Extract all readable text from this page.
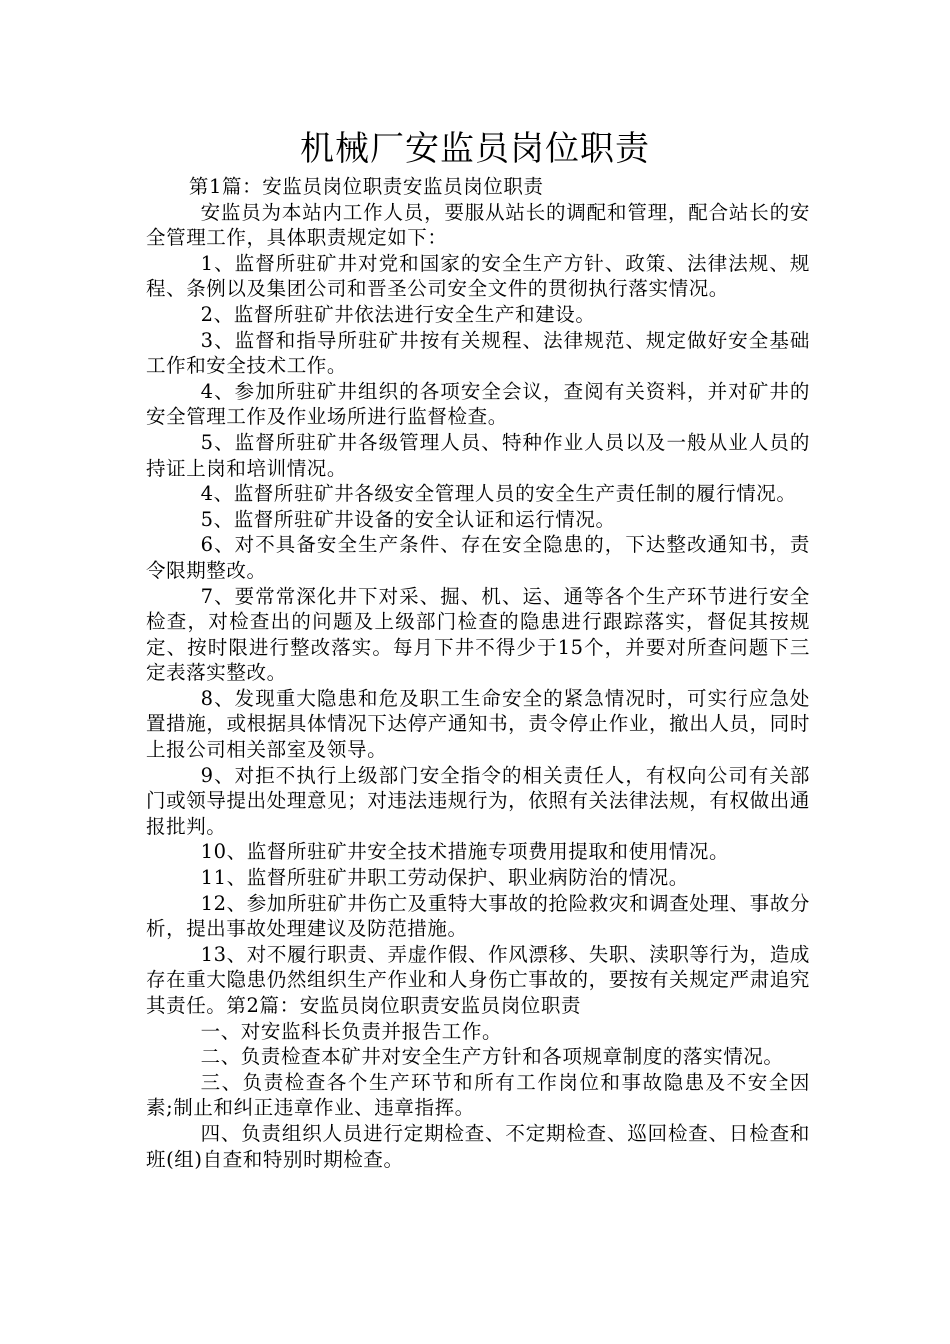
机械厂安监员岗位职责

第1篇：安监员岗位职责安监员岗位职责

安监员为本站内工作人员，要服从站长的调配和管理，配合站长的安全管理工作，具体职责规定如下：

1、监督所驻矿井对党和国家的安全生产方针、政策、法律法规、规程、条例以及集团公司和晋圣公司安全文件的贯彻执行落实情况。

2、监督所驻矿井依法进行安全生产和建设。

3、监督和指导所驻矿井按有关规程、法律规范、规定做好安全基础工作和安全技术工作。

4、参加所驻矿井组织的各项安全会议，查阅有关资料，并对矿井的安全管理工作及作业场所进行监督检查。

5、监督所驻矿井各级管理人员、特种作业人员以及一般从业人员的持证上岗和培训情况。

4、监督所驻矿井各级安全管理人员的安全生产责任制的履行情况。

5、监督所驻矿井设备的安全认证和运行情况。

6、对不具备安全生产条件、存在安全隐患的，下达整改通知书，责令限期整改。

7、要常常深化井下对采、掘、机、运、通等各个生产环节进行安全检查，对检查出的问题及上级部门检查的隐患进行跟踪落实，督促其按规定、按时限进行整改落实。每月下井不得少于15个，并要对所查问题下三定表落实整改。

8、发现重大隐患和危及职工生命安全的紧急情况时，可实行应急处置措施，或根据具体情况下达停产通知书，责令停止作业，撤出人员，同时上报公司相关部室及领导。

9、对拒不执行上级部门安全指令的相关责任人，有权向公司有关部门或领导提出处理意见；对违法违规行为，依照有关法律法规，有权做出通报批判。

10、监督所驻矿井安全技术措施专项费用提取和使用情况。

11、监督所驻矿井职工劳动保护、职业病防治的情况。

12、参加所驻矿井伤亡及重特大事故的抢险救灾和调查处理、事故分析，提出事故处理建议及防范措施。

13、对不履行职责、弄虚作假、作风漂移、失职、渎职等行为，造成存在重大隐患仍然组织生产作业和人身伤亡事故的，要按有关规定严肃追究其责任。第2篇：安监员岗位职责安监员岗位职责

一、对安监科长负责并报告工作。

二、负责检查本矿井对安全生产方针和各项规章制度的落实情况。

三、负责检查各个生产环节和所有工作岗位和事故隐患及不安全因素;制止和纠正违章作业、违章指挥。

四、负责组织人员进行定期检查、不定期检查、巡回检查、日检查和班(组)自查和特别时期检查。
